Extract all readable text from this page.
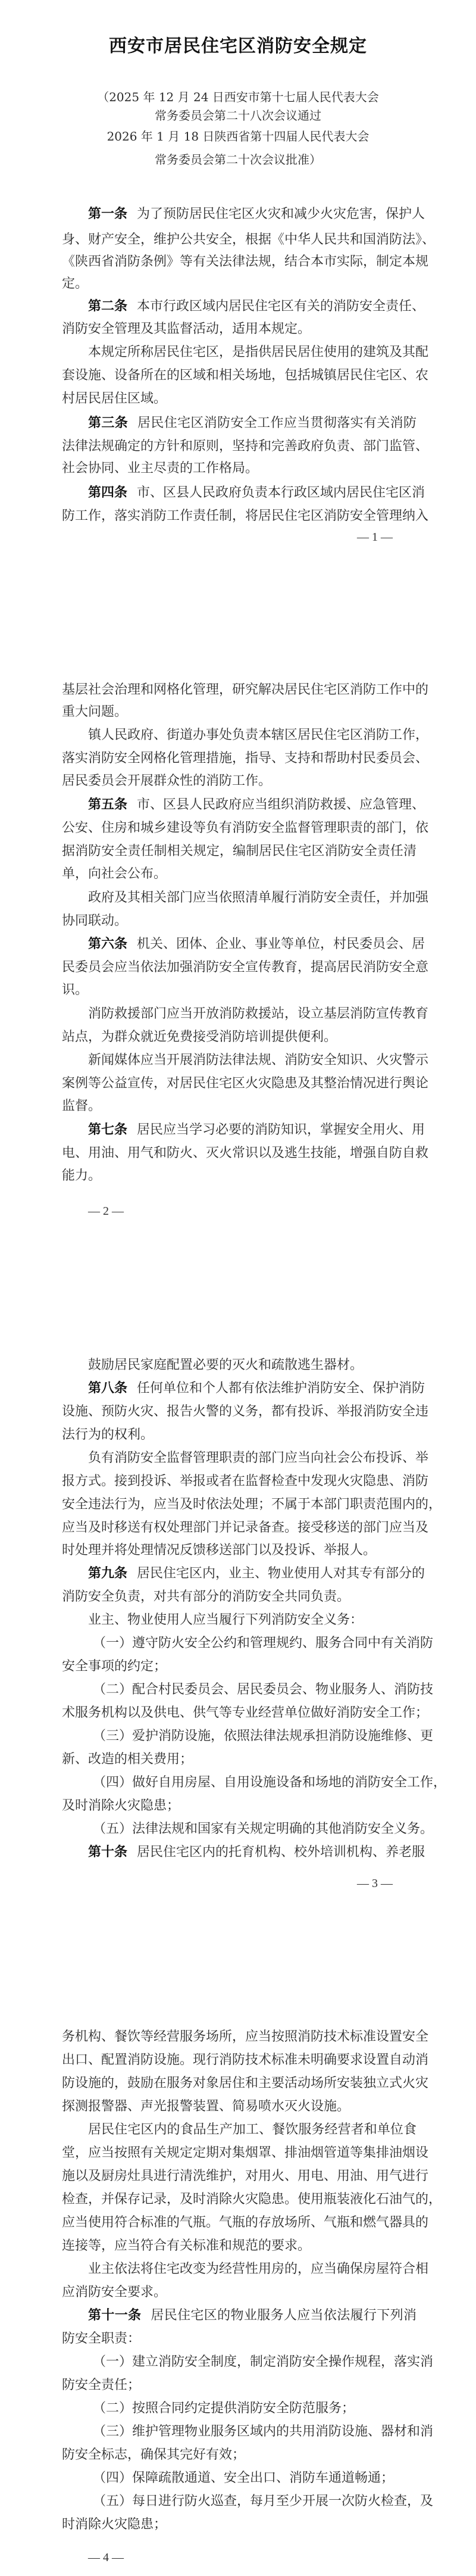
西安市居民住宅区消防安全规定
（2025 年 12 月 24 日西安市第十七届人民代表大会
常务委员会第二十八次会议通过
2026 年 1 月 18 日陕西省第十四届人民代表大会
常务委员会第二十次会议批准）
第一条 为了预防居民住宅区火灾和减少火灾危害，保护人
身、财产安全，维护公共安全，根据《中华人民共和国消防法》、
《陕西省消防条例》等有关法律法规，结合本市实际，制定本规
定。
第二条 本市行政区域内居民住宅区有关的消防安全责任、
消防安全管理及其监督活动，适用本规定。
本规定所称居民住宅区，是指供居民居住使用的建筑及其配
套设施、设备所在的区域和相关场地，包括城镇居民住宅区、农
村居民居住区域。
第三条 居民住宅区消防安全工作应当贯彻落实有关消防
法律法规确定的方针和原则，坚持和完善政府负责、部门监管、
社会协同、业主尽责的工作格局。
第四条 市、区县人民政府负责本行政区域内居民住宅区消
防工作，落实消防工作责任制，将居民住宅区消防安全管理纳入
— 1 —
基层社会治理和网格化管理，研究解决居民住宅区消防工作中的
重大问题。
镇人民政府、街道办事处负责本辖区居民住宅区消防工作，
落实消防安全网格化管理措施，指导、支持和帮助村民委员会、
居民委员会开展群众性的消防工作。
第五条 市、区县人民政府应当组织消防救援、应急管理、
公安、住房和城乡建设等负有消防安全监督管理职责的部门，依
据消防安全责任制相关规定，编制居民住宅区消防安全责任清
单，向社会公布。
政府及其相关部门应当依照清单履行消防安全责任，并加强
协同联动。
第六条 机关、团体、企业、事业等单位，村民委员会、居
民委员会应当依法加强消防安全宣传教育，提高居民消防安全意
识。
消防救援部门应当开放消防救援站，设立基层消防宣传教育
站点，为群众就近免费接受消防培训提供便利。
新闻媒体应当开展消防法律法规、消防安全知识、火灾警示
案例等公益宣传，对居民住宅区火灾隐患及其整治情况进行舆论
监督。
第七条 居民应当学习必要的消防知识，掌握安全用火、用
电、用油、用气和防火、灭火常识以及逃生技能，增强自防自救
能力。
— 2 —
鼓励居民家庭配置必要的灭火和疏散逃生器材。
第八条 任何单位和个人都有依法维护消防安全、保护消防
设施、预防火灾、报告火警的义务，都有投诉、举报消防安全违
法行为的权利。
负有消防安全监督管理职责的部门应当向社会公布投诉、举
报方式。接到投诉、举报或者在监督检查中发现火灾隐患、消防
安全违法行为，应当及时依法处理；不属于本部门职责范围内的，
应当及时移送有权处理部门并记录备查。接受移送的部门应当及
时处理并将处理情况反馈移送部门以及投诉、举报人。
第九条 居民住宅区内，业主、物业使用人对其专有部分的
消防安全负责，对共有部分的消防安全共同负责。
业主、物业使用人应当履行下列消防安全义务：
（一）遵守防火安全公约和管理规约、服务合同中有关消防
安全事项的约定；
（二）配合村民委员会、居民委员会、物业服务人、消防技
术服务机构以及供电、供气等专业经营单位做好消防安全工作；
（三）爱护消防设施，依照法律法规承担消防设施维修、更
新、改造的相关费用；
（四）做好自用房屋、自用设施设备和场地的消防安全工作，
及时消除火灾隐患；
（五）法律法规和国家有关规定明确的其他消防安全义务。
第十条 居民住宅区内的托育机构、校外培训机构、养老服
— 3 —
务机构、餐饮等经营服务场所，应当按照消防技术标准设置安全
出口、配置消防设施。现行消防技术标准未明确要求设置自动消
防设施的，鼓励在服务对象居住和主要活动场所安装独立式火灾
探测报警器、声光报警装置、简易喷水灭火设施。
居民住宅区内的食品生产加工、餐饮服务经营者和单位食
堂，应当按照有关规定定期对集烟罩、排油烟管道等集排油烟设
施以及厨房灶具进行清洗维护，对用火、用电、用油、用气进行
检查，并保存记录，及时消除火灾隐患。使用瓶装液化石油气的，
应当使用符合标准的气瓶。气瓶的存放场所、气瓶和燃气器具的
连接等，应当符合有关标准和规范的要求。
业主依法将住宅改变为经营性用房的，应当确保房屋符合相
应消防安全要求。
第十一条 居民住宅区的物业服务人应当依法履行下列消
防安全职责：
（一）建立消防安全制度，制定消防安全操作规程，落实消
防安全责任；
（二）按照合同约定提供消防安全防范服务；
（三）维护管理物业服务区域内的共用消防设施、器材和消
防安全标志，确保其完好有效；
（四）保障疏散通道、安全出口、消防车通道畅通；
（五）每日进行防火巡查，每月至少开展一次防火检查，及
时消除火灾隐患；
— 4 —
